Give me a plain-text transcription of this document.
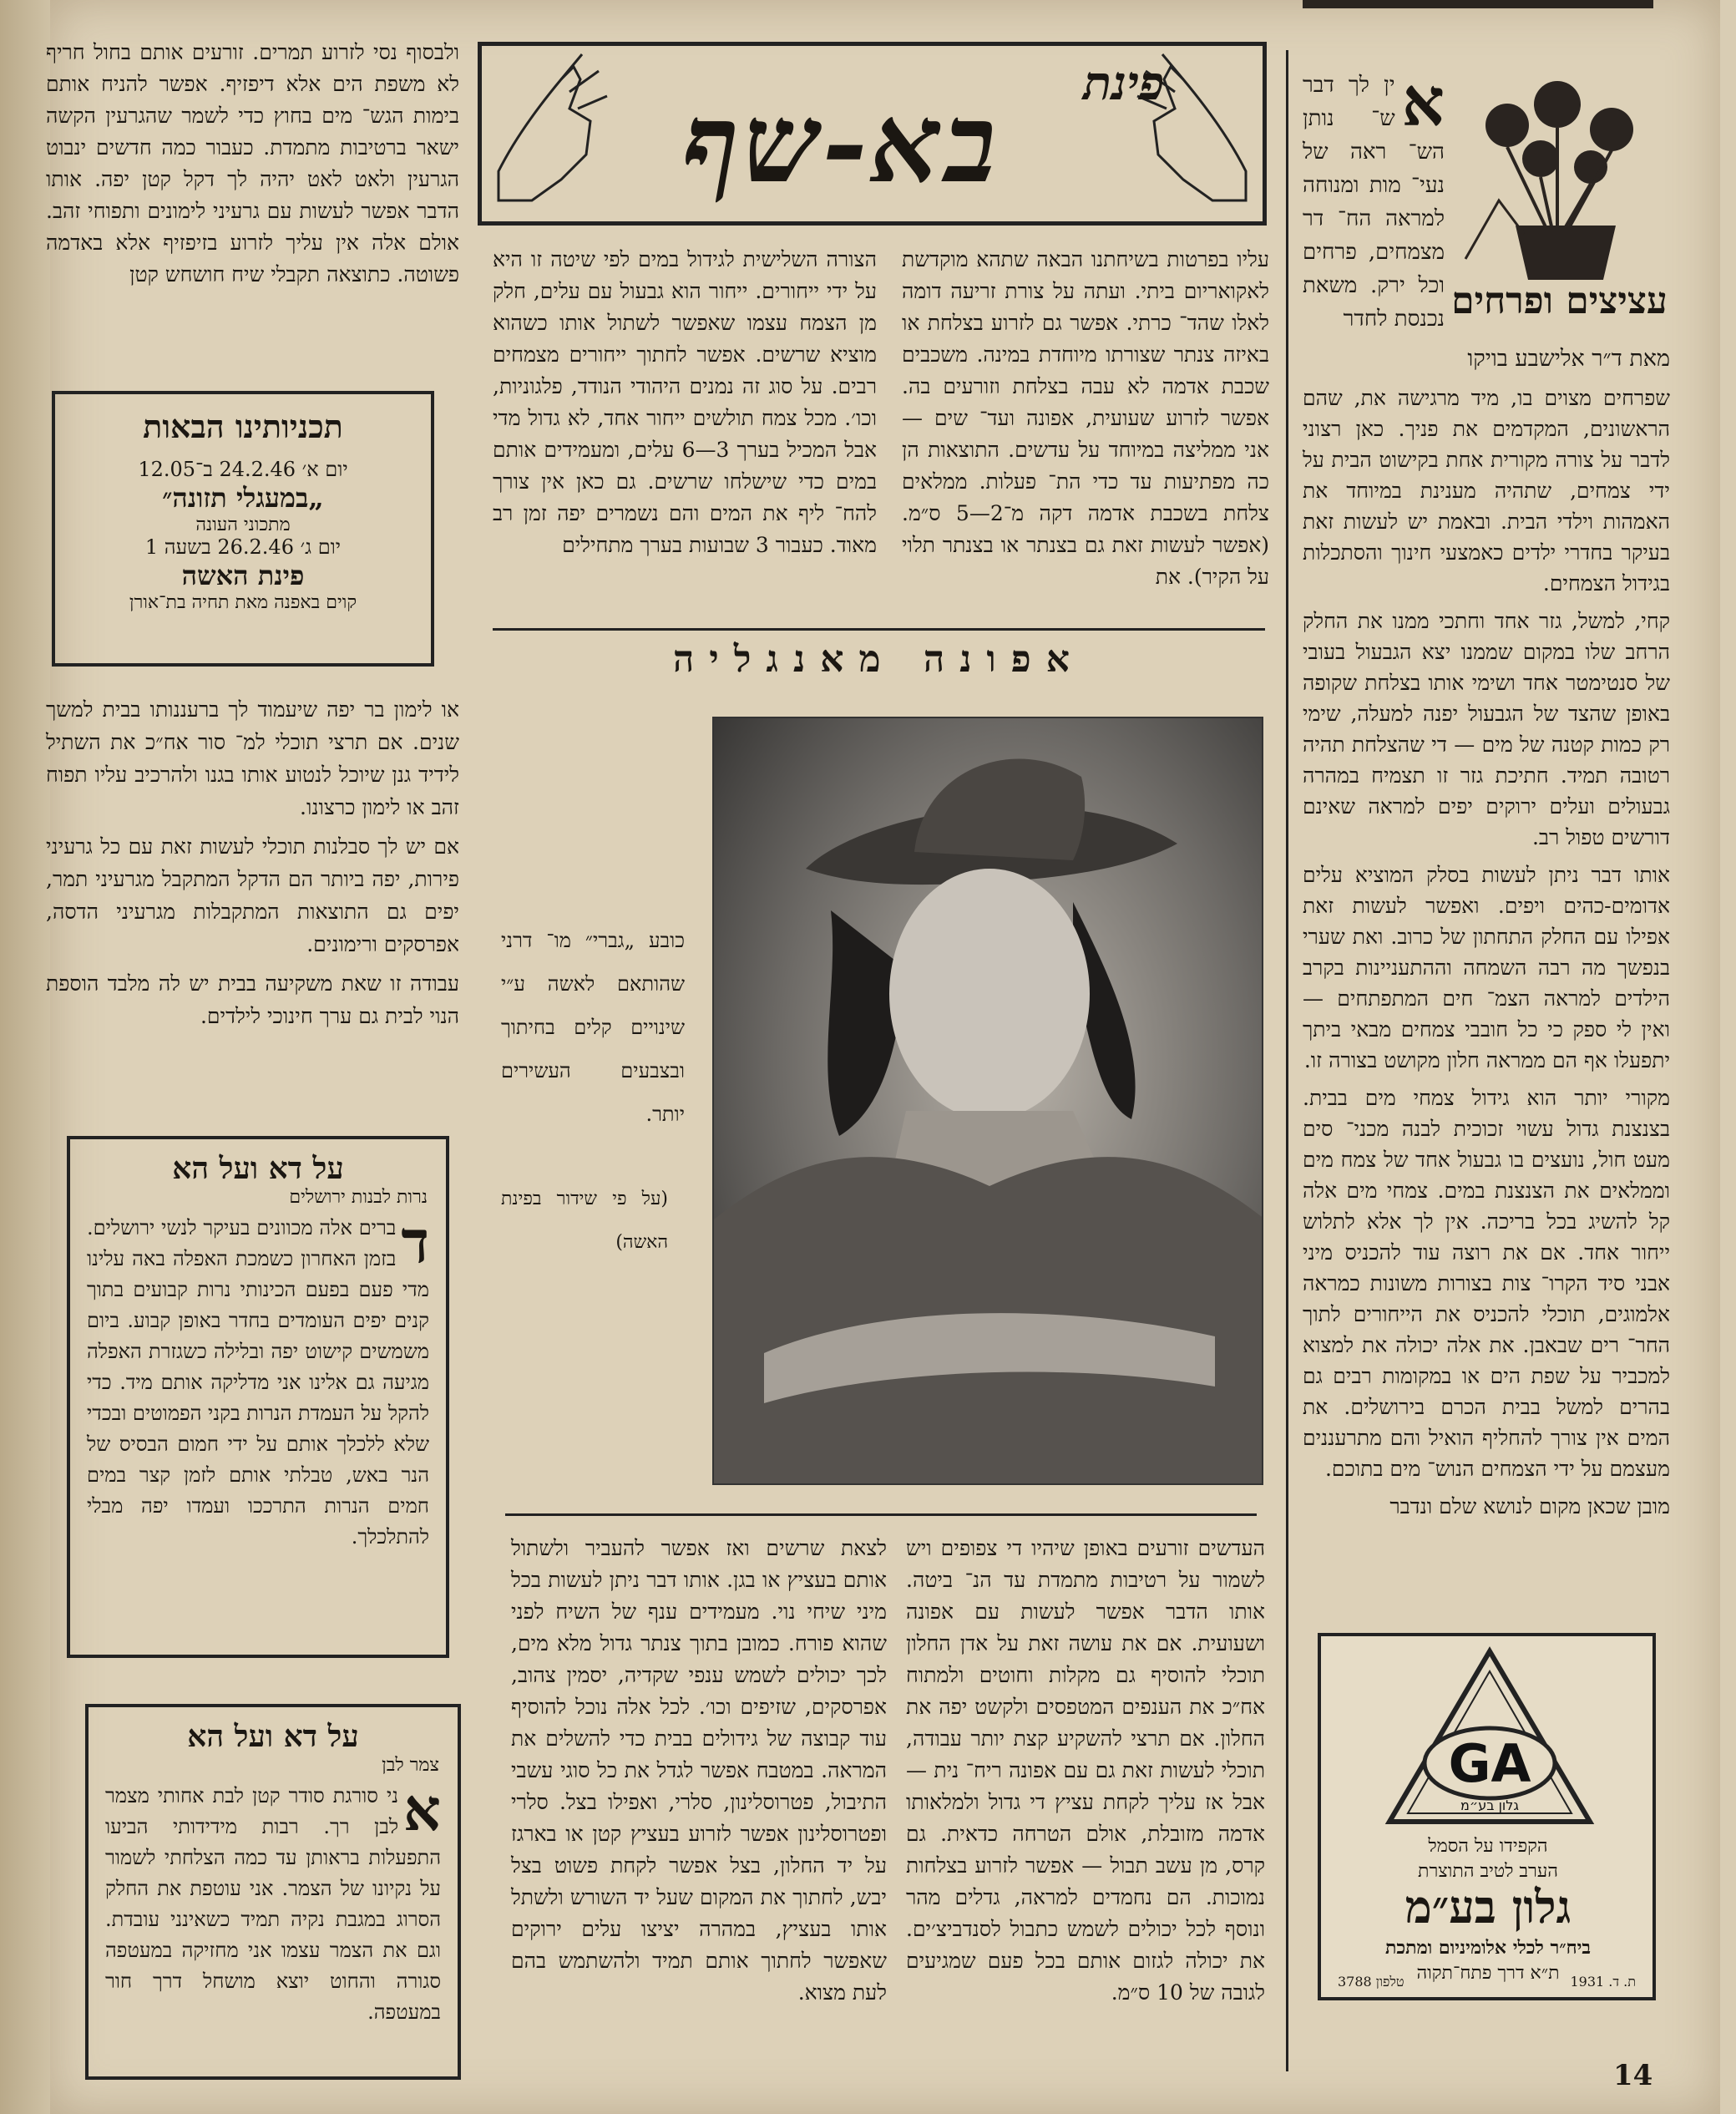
פינת
בא-שף
עציצים ופרחים
מאת ד״ר אלישבע בויקו
א
ין לך דבר ש־ נותן הש־ ראה של נעי־ מות ומנוחה למראה הח־ דר מצמחים, פרחים וכל ירק. משאת נכנסת לחדר

שפרחים מצוים בו, מיד מרגישה את, שהם הראשונים, המקדמים את פניך. כאן רצוני לדבר על צורה מקורית אחת בקישוט הבית על ידי צמחים, שתהיה מענינת במיוחד את האמהות וילדי הבית. ובאמת יש לעשות זאת בעיקר בחדרי ילדים כאמצעי חינוך והסתכלות בגידול הצמחים.

קחי, למשל, גזר אחד וחתכי ממנו את החלק הרחב שלו במקום שממנו יצא הגבעול בעובי של סנטימטר אחד ושימי אותו בצלחת שקופה באופן שהצד של הגבעול יפנה למעלה, שימי רק כמות קטנה של מים — די שהצלחת תהיה רטובה תמיד. חתיכת גזר זו תצמיח במהרה גבעולים ועלים ירוקים יפים למראה שאינם דורשים טפול רב.

אותו דבר ניתן לעשות בסלק המוציא עלים אדומים-כהים ויפים. ואפשר לעשות זאת אפילו עם החלק התחתון של כרוב. ואת שערי בנפשך מה רבה השמחה וההתעניינות בקרב הילדים למראה הצמ־ חים המתפתחים — ואין לי ספק כי כל חובבי צמחים מבאי ביתך יתפעלו אף הם ממראה חלון מקושט בצורה זו.

מקורי יותר הוא גידול צמחי מים בבית. בצנצנת גדול עשוי זכוכית לבנה מכני־ סים מעט חול, נועצים בו גבעול אחד של צמח מים וממלאים את הצנצנת במים. צמחי מים אלה קל להשיג בכל בריכה. אין לך אלא לתלוש ייחור אחד. אם את רוצה עוד להכניס מיני אבני סיד הקרו־ צות בצורות משונות כמראה אלמוגים, תוכלי להכניס את הייחורים לתוך החר־ רים שבאבן. את אלה יכולה את למצוא למכביר על שפת הים או במקומות רבים גם בהרים למשל בבית הכרם בירושלים. את המים אין צורך להחליף הואיל והם מתרעננים מעצמם על ידי הצמחים הנוש־ מים בתוכם.

מובן שכאן מקום לנושא שלם ונדבר

GA
גלון בע״מ
הקפידו על הסמל
הערב לטיב התוצרת
גלון בע״מ
ביח״ר לכלי אלומיניום ומתכת
ת״א דרך פתח־תקוה
טלפון 3788	ת. ד. 1931
עליו בפרטות בשיחתנו הבאה שתהא מוקדשת לאקואריום ביתי. ועתה על צורת זריעה דומה לאלו שהד־ כרתי. אפשר גם לזרוע בצלחת או באיזה צנתר שצורתו מיוחדת במינה. משכבים שכבת אדמה לא עבה בצלחת וזורעים בה. אפשר לזרוע שעועית, אפונה ועד־ שים — אני ממליצה במיוחד על עדשים. התוצאות הן כה מפתיעות עד כדי הת־ פעלות. ממלאים צלחת בשכבת אדמה דקה מ־2—5 ס״מ. (אפשר לעשות זאת גם בצנתר או בצנתר תלוי על הקיר). את
הצורה השלישית לגידול במים לפי שיטה זו היא על ידי ייחורים. ייחור הוא גבעול עם עלים, חלק מן הצמח עצמו שאפשר לשתול אותו כשהוא מוציא שרשים. אפשר לחתוך ייחורים מצמחים רבים. על סוג זה נמנים היהודי הנודד, פלגוניות, וכו׳. מכל צמח תולשים ייחור אחד, לא גדול מדי אבל המכיל בערך 3—6 עלים, ומעמידים אותם במים כדי שישלחו שרשים. גם כאן אין צורך להח־ ליף את המים והם נשמרים יפה זמן רב מאוד. כעבור 3 שבועות בערך מתחילים
אפונה מאנגליה
כובע „גברי״ מו־ דרני שהותאם לאשה ע״י שינויים קלים בחיתוך ובצבעים העשירים יותר.
(על פי שידור בפינת האשה)
העדשים זורעים באופן שיהיו די צפופים ויש לשמור על רטיבות מתמדת עד הנ־ ביטה. אותו הדבר אפשר לעשות עם אפונה ושעועית. אם את עושה זאת על אדן החלון תוכלי להוסיף גם מקלות וחוטים ולמתוח אח״כ את הענפים המטפסים ולקשט יפה את החלון. אם תרצי להשקיע קצת יותר עבודה, תוכלי לעשות זאת גם עם אפונה ריח־ נית — אבל אז עליך לקחת עציץ די גדול ולמלאותו אדמה מזובלת, אולם הטרחה כדאית. גם קרס, מן עשב תבול — אפשר לזרוע בצלחות נמוכות. הם נחמדים למראה, גדלים מהר ונוסף לכל יכולים לשמש כתבול לסנדביצ׳ים. את יכולה לגזום אותם בכל פעם שמגיעים לגובה של 10 ס״מ.
לצאת שרשים ואז אפשר להעביר ולשתול אותם בעציץ או בגן. אותו דבר ניתן לעשות בכל מיני שיחי נוי. מעמידים ענף של השיח לפני שהוא פורח. כמובן בתוך צנתר גדול מלא מים, לכך יכולים לשמש ענפי שקדיה, יסמין צהוב, אפרסקים, שזיפים וכו׳. לכל אלה נוכל להוסיף עוד קבוצה של גידולים בבית כדי להשלים את המראה. במטבח אפשר לגדל את כל סוגי עשבי התיבול, פטרוסלינון, סלרי, ואפילו בצל. סלרי ופטרוסלינון אפשר לזרוע בעציץ קטן או בארגז על יד החלון, בצל אפשר לקחת פשוט בצל יבש, לחתוך את המקום שעל יד השורש ולשתל אותו בעציץ, במהרה יציצו עלים ירוקים שאפשר לחתוך אותם תמיד ולהשתמש בהם לעת מצוא.
ולבסוף נסי לזרוע תמרים. זורעים אותם בחול חריף לא משפת הים אלא דיפזיף. אפשר להניח אותם בימות הגש־ מים בחוץ כדי לשמר שהגרעין הקשה ישאר ברטיבות מתמדת. כעבור כמה חדשים ינבוט הגרעין ולאט לאט יהיה לך דקל קטן יפה. אותו הדבר אפשר לעשות עם גרעיני לימונים ותפוחי זהב. אולם אלה אין עליך לזרוע בזיפזיף אלא באדמה פשוטה. כתוצאה תקבלי שיח חושחש קטן
תכניותינו הבאות
יום א׳ 24.2.46 ב־12.05
„במעגלי תזונה״
מתכוני העונה
יום ג׳ 26.2.46 בשעה 1
פינת האשה
קוים באפנה מאת תחיה בת־אורן

או לימון בר יפה שיעמוד לך ברעננותו בבית למשך שנים. אם תרצי תוכלי למ־ סור אח״כ את השתיל לידיד גנן שיוכל לנטוע אותו בגנו ולהרכיב עליו תפוח זהב או לימון כרצונו.

אם יש לך סבלנות תוכלי לעשות זאת עם כל גרעיני פירות, יפה ביותר הם הדקל המתקבל מגרעיני תמר, יפים גם התוצאות המתקבלות מגרעיני הדסה, אפרסקים ורימונים.

עבודה זו שאת משקיעה בבית יש לה מלבד הוספת הנוי לבית גם ערך חינוכי לילדים.

על דא ועל הא
נרות לבנות ירושלים
ד
ברים אלה מכוונים בעיקר לנשי ירושלים. בזמן האחרון כשמכת האפלה באה עלינו מדי פעם בפעם הכינותי נרות קבועים בתוך קנים יפים העומדים בחדר באופן קבוע. ביום משמשים קישוט יפה ובלילה כשגזרת האפלה מגיעה גם אלינו אני מדליקה אותם מיד. כדי להקל על העמדת הנרות בקני הפמוטים ובכדי שלא ללכלך אותם על ידי חמום הבסיס של הנר באש, טבלתי אותם לזמן קצר במים חמים הנרות התרככו ועמדו יפה מבלי להתלכלך.
על דא ועל הא
צמר לבן
א
ני סורגת סודר קטן לבת אחותי מצמר לבן רך. רבות מידידותי הביעו התפעלות בראותן עד כמה הצלחתי לשמור על נקיונו של הצמר. אני עוטפת את החלק הסרוג במגבת נקיה תמיד כשאינני עובדת. וגם את הצמר עצמו אני מחזיקה במעטפה סגורה והחוט יוצא מושחל דרך חור במעטפה.
14
